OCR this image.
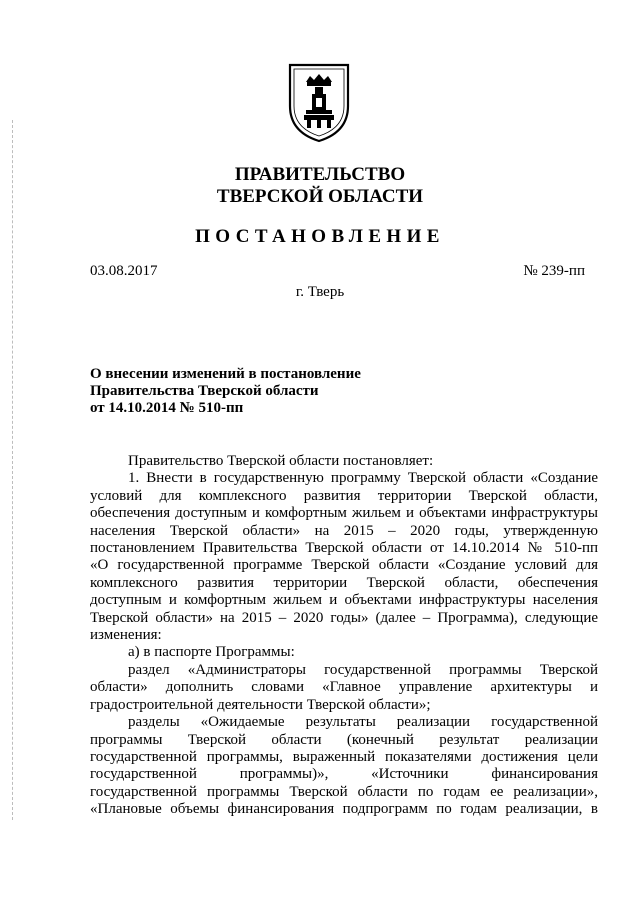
ПРАВИТЕЛЬСТВО
ТВЕРСКОЙ ОБЛАСТИ
ПОСТАНОВЛЕНИЕ
03.08.2017	№ 239-пп
г. Тверь
О внесении изменений в постановление
Правительства Тверской области
от 14.10.2014 № 510-пп

Правительство Тверской области постановляет:

1. Внести в государственную программу Тверской области «Создание

условий для комплексного развития территории Тверской области,

обеспечения доступным и комфортным жильем и объектами инфраструктуры

населения Тверской области» на 2015 – 2020 годы, утвержденную

постановлением Правительства Тверской области от 14.10.2014 № 510-пп

«О государственной программе Тверской области «Создание условий для

комплексного развития территории Тверской области, обеспечения

доступным и комфортным жильем и объектами инфраструктуры населения

Тверской области» на 2015 – 2020 годы» (далее – Программа), следующие

изменения:

а) в паспорте Программы:

раздел «Администраторы государственной программы Тверской

области» дополнить словами «Главное управление архитектуры и

градостроительной деятельности Тверской области»;

разделы «Ожидаемые результаты реализации государственной

программы Тверской области (конечный результат реализации

государственной программы, выраженный показателями достижения цели

государственной программы)», «Источники финансирования

государственной программы Тверской области по годам ее реализации»,

«Плановые объемы финансирования подпрограмм по годам реализации, в
